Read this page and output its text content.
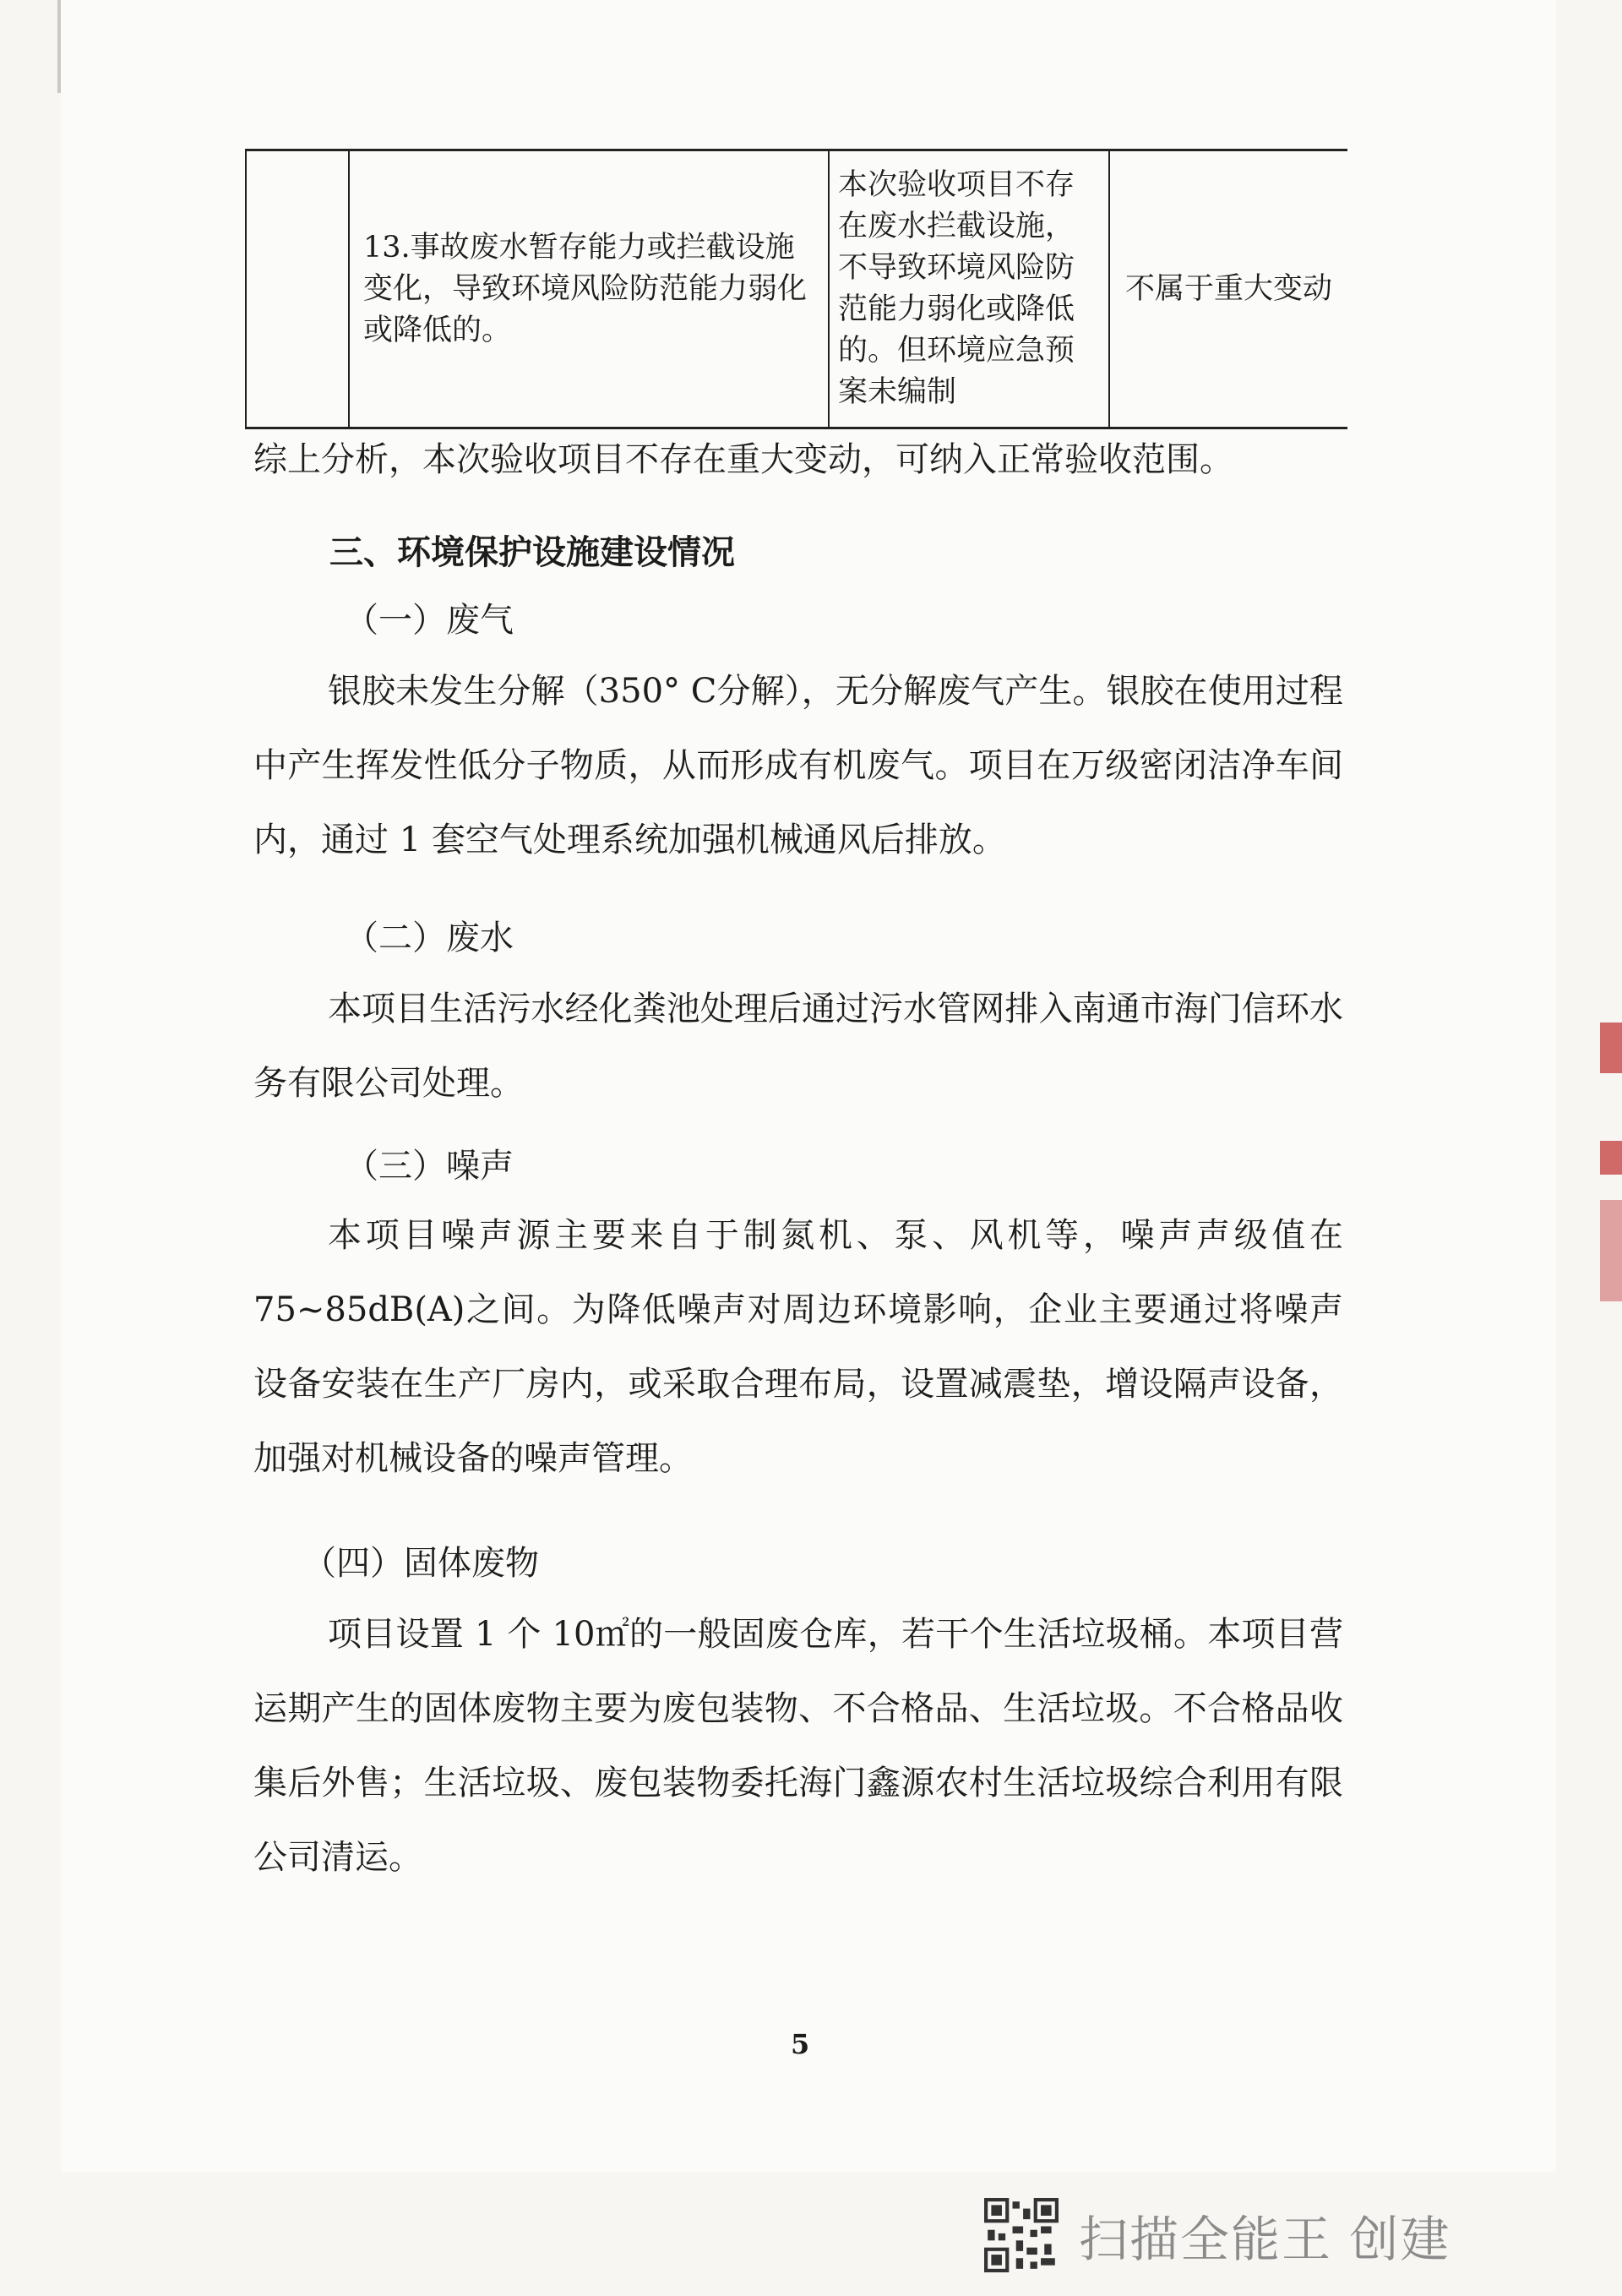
	13.事故废水暂存能力或拦截设施变化，导致环境风险防范能力弱化或降低的。	本次验收项目不存在废水拦截设施，不导致环境风险防范能力弱化或降低的。但环境应急预案未编制	不属于重大变动

综上分析，本次验收项目不存在重大变动，可纳入正常验收范围。

三、环境保护设施建设情况

（一）废气

银胶未发生分解（350° C分解），无分解废气产生。银胶在使用过程中产生挥发性低分子物质，从而形成有机废气。项目在万级密闭洁净车间内，通过 1 套空气处理系统加强机械通风后排放。

（二）废水

本项目生活污水经化粪池处理后通过污水管网排入南通市海门信环水务有限公司处理。

（三）噪声

本项目噪声源主要来自于制氮机、泵、风机等，噪声声级值在75~85dB(A)之间。为降低噪声对周边环境影响，企业主要通过将噪声设备安装在生产厂房内，或采取合理布局，设置减震垫，增设隔声设备，加强对机械设备的噪声管理。

（四）固体废物

项目设置 1 个 10㎡的一般固废仓库，若干个生活垃圾桶。本项目营运期产生的固体废物主要为废包装物、不合格品、生活垃圾。不合格品收集后外售；生活垃圾、废包装物委托海门鑫源农村生活垃圾综合利用有限公司清运。

5
扫描全能王 创建
